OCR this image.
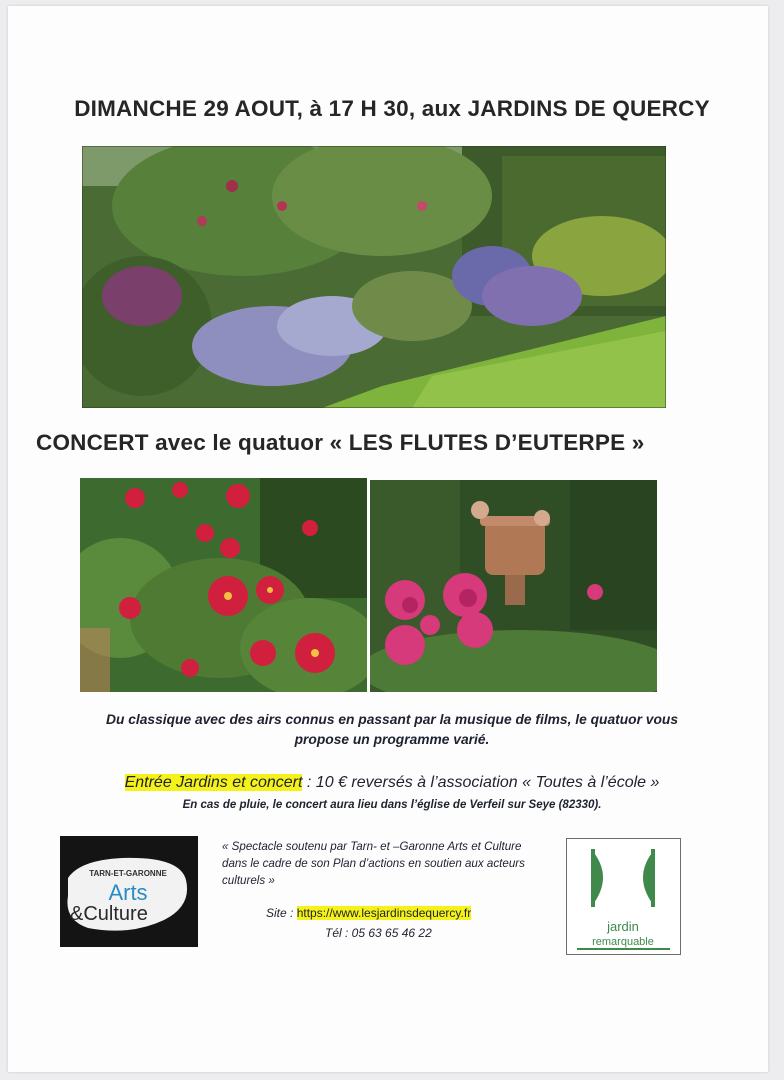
DIMANCHE 29 AOUT, à 17 H 30, aux JARDINS DE QUERCY
CONCERT avec le quatuor « LES FLUTES D’EUTERPE »
Du classique avec des airs connus en passant par la musique de films, le quatuor vous
propose un programme varié.
Entrée Jardins et concert : 10 € reversés à l’association « Toutes à l’école »
En cas de pluie, le concert aura lieu dans l’église de Verfeil sur Seye (82330).
TARN-ET-GARONNE
Arts
&Culture
« Spectacle soutenu par Tarn- et –Garonne Arts et Culture
dans le cadre de son Plan d’actions en soutien aux acteurs
culturels »
Site : https://www.lesjardinsdequercy.fr
Tél : 05 63 65 46 22	jardin
remarquable
